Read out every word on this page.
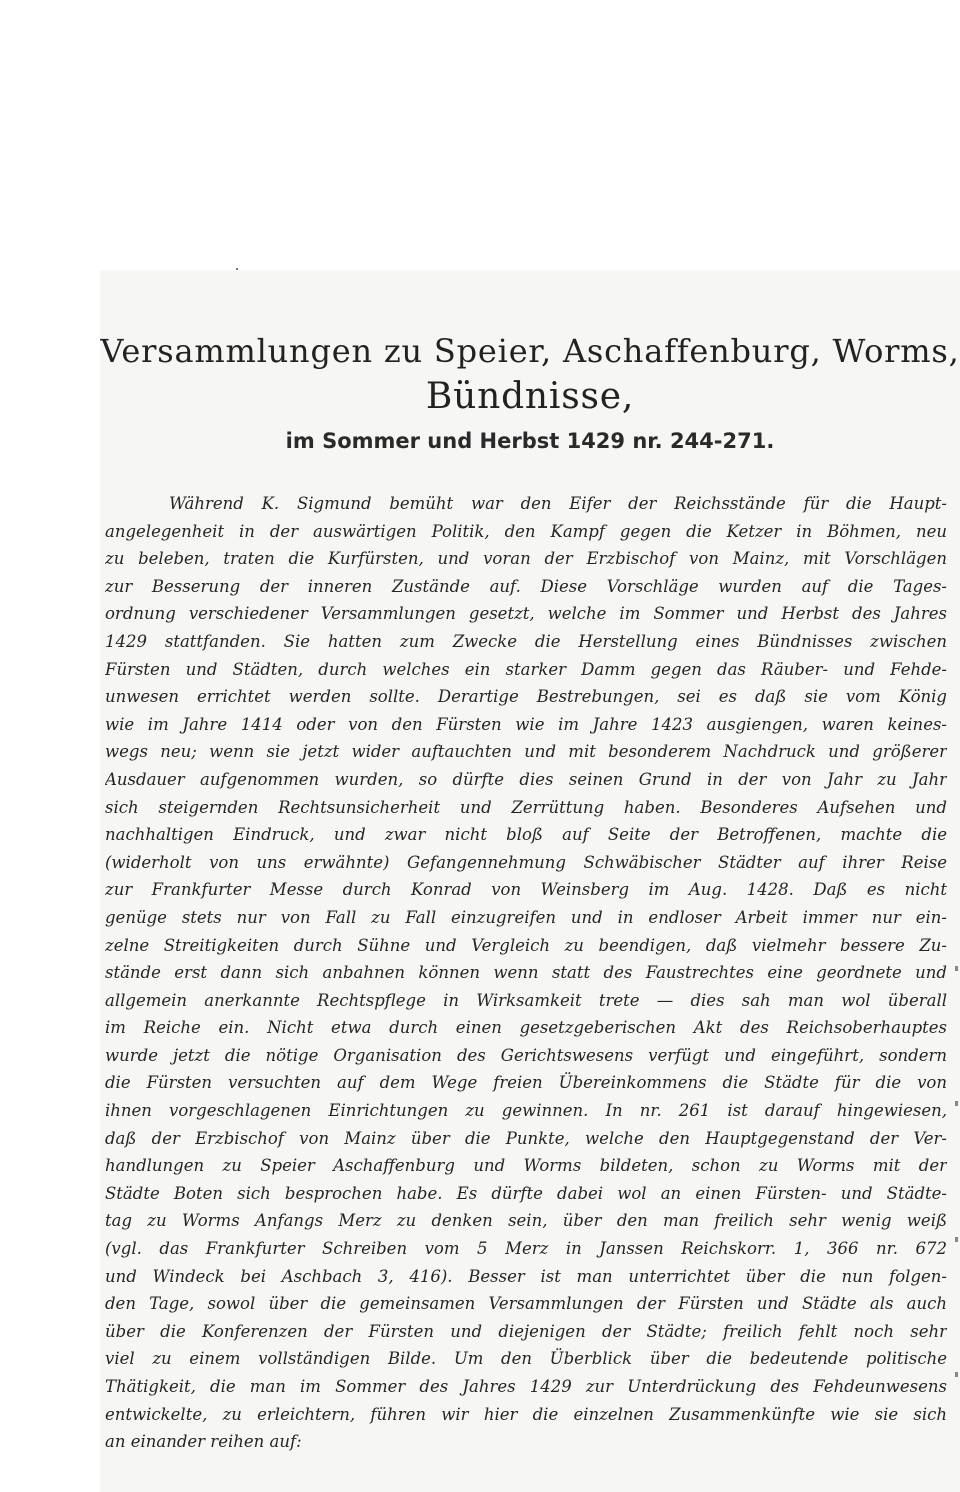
Versammlungen zu Speier, Aschaffenburg, Worms,
Bündnisse,
im Sommer und Herbst 1429 nr. 244-271.
Während K. Sigmund bemüht war den Eifer der Reichsstände für die Haupt-
angelegenheit in der auswärtigen Politik, den Kampf gegen die Ketzer in Böhmen, neu
zu beleben, traten die Kurfürsten, und voran der Erzbischof von Mainz, mit Vorschlägen
zur Besserung der inneren Zustände auf. Diese Vorschläge wurden auf die Tages-
ordnung verschiedener Versammlungen gesetzt, welche im Sommer und Herbst des Jahres
1429 stattfanden. Sie hatten zum Zwecke die Herstellung eines Bündnisses zwischen
Fürsten und Städten, durch welches ein starker Damm gegen das Räuber- und Fehde-
unwesen errichtet werden sollte. Derartige Bestrebungen, sei es daß sie vom König
wie im Jahre 1414 oder von den Fürsten wie im Jahre 1423 ausgiengen, waren keines-
wegs neu; wenn sie jetzt wider auftauchten und mit besonderem Nachdruck und größerer
Ausdauer aufgenommen wurden, so dürfte dies seinen Grund in der von Jahr zu Jahr
sich steigernden Rechtsunsicherheit und Zerrüttung haben. Besonderes Aufsehen und
nachhaltigen Eindruck, und zwar nicht bloß auf Seite der Betroffenen, machte die
(widerholt von uns erwähnte) Gefangennehmung Schwäbischer Städter auf ihrer Reise
zur Frankfurter Messe durch Konrad von Weinsberg im Aug. 1428. Daß es nicht
genüge stets nur von Fall zu Fall einzugreifen und in endloser Arbeit immer nur ein-
zelne Streitigkeiten durch Sühne und Vergleich zu beendigen, daß vielmehr bessere Zu-
stände erst dann sich anbahnen können wenn statt des Faustrechtes eine geordnete und
allgemein anerkannte Rechtspflege in Wirksamkeit trete — dies sah man wol überall
im Reiche ein. Nicht etwa durch einen gesetzgeberischen Akt des Reichsoberhauptes
wurde jetzt die nötige Organisation des Gerichtswesens verfügt und eingeführt, sondern
die Fürsten versuchten auf dem Wege freien Übereinkommens die Städte für die von
ihnen vorgeschlagenen Einrichtungen zu gewinnen. In nr. 261 ist darauf hingewiesen,
daß der Erzbischof von Mainz über die Punkte, welche den Hauptgegenstand der Ver-
handlungen zu Speier Aschaffenburg und Worms bildeten, schon zu Worms mit der
Städte Boten sich besprochen habe. Es dürfte dabei wol an einen Fürsten- und Städte-
tag zu Worms Anfangs Merz zu denken sein, über den man freilich sehr wenig weiß
(vgl. das Frankfurter Schreiben vom 5 Merz in Janssen Reichskorr. 1, 366 nr. 672
und Windeck bei Aschbach 3, 416). Besser ist man unterrichtet über die nun folgen-
den Tage, sowol über die gemeinsamen Versammlungen der Fürsten und Städte als auch
über die Konferenzen der Fürsten und diejenigen der Städte; freilich fehlt noch sehr
viel zu einem vollständigen Bilde. Um den Überblick über die bedeutende politische
Thätigkeit, die man im Sommer des Jahres 1429 zur Unterdrückung des Fehdeunwesens
entwickelte, zu erleichtern, führen wir hier die einzelnen Zusammenkünfte wie sie sich
an einander reihen auf:
